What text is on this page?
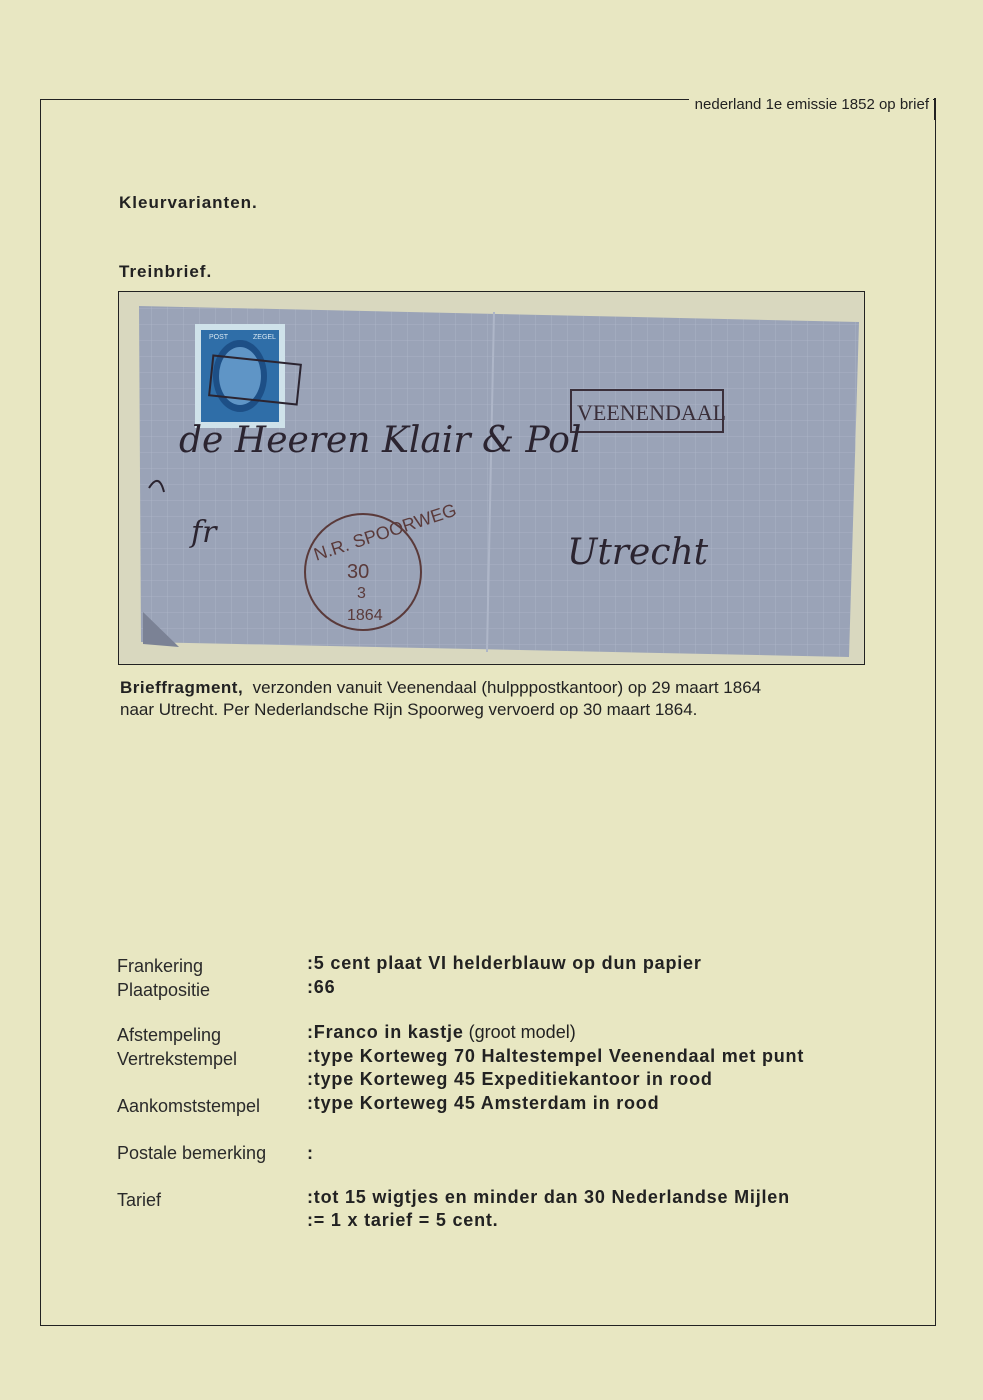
nederland 1e emissie 1852 op brief
Kleurvarianten.
Treinbrief.
POST	ZEGEL
VEENENDAAL
N.R. SPOORWEG
30
3
1864
de Heeren Klair & Pol
fr	Utrecht
Brieffragment, verzonden vanuit Veenendaal (hulpppostkantoor) op 29 maart 1864
naar Utrecht. Per Nederlandsche Rijn Spoorweg vervoerd op 30 maart 1864.
Frankering	:5 cent plaat VI helderblauw op dun papier
Plaatpositie	:66
Afstempeling	:Franco in kastje (groot model)
Vertrekstempel	:type Korteweg 70 Haltestempel Veenendaal met punt
:type Korteweg 45 Expeditiekantoor in rood
Aankomststempel	:type Korteweg 45 Amsterdam in rood
Postale bemerking :
Tarief	:tot 15 wigtjes en minder dan 30 Nederlandse Mijlen
:= 1 x tarief = 5 cent.
